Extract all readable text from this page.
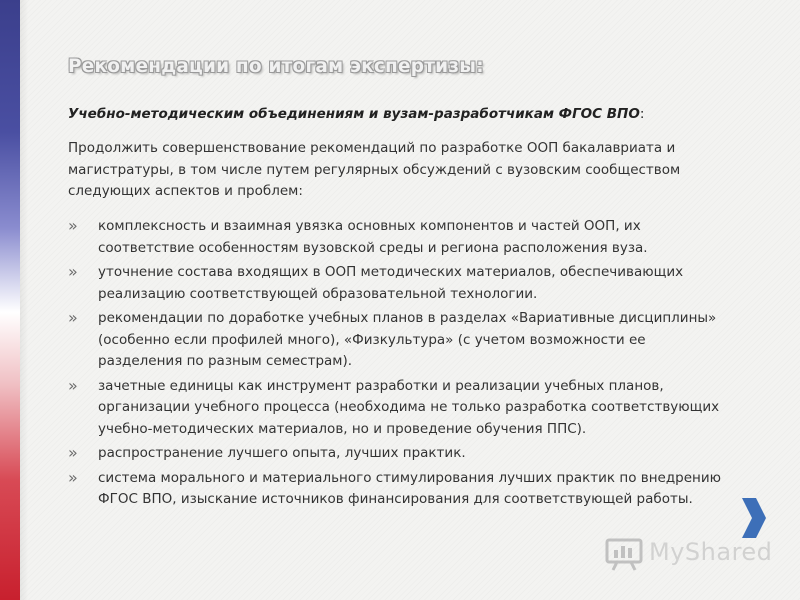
Рекомендации по итогам экспертизы:

Учебно-методическим объединениям и вузам-разработчикам ФГОС ВПО:

Продолжить совершенствование рекомендаций по разработке ООП бакалавриата и магистратуры, в том числе путем регулярных обсуждений с вузовским сообществом следующих аспектов и проблем:

» комплексность и взаимная увязка основных компонентов и частей ООП, их соответствие особенностям вузовской среды и региона расположения вуза.
» уточнение состава входящих в ООП методических материалов, обеспечивающих реализацию соответствующей образовательной технологии.
» рекомендации по доработке учебных планов в разделах «Вариативные дисциплины» (особенно если профилей много), «Физкультура» (с учетом возможности ее разделения по разным семестрам).
» зачетные единицы как инструмент разработки и реализации учебных планов, организации учебного процесса (необходима не только разработка соответствующих учебно-методических материалов, но и проведение обучения ППС).
» распространение лучшего опыта, лучших практик.
» система морального и материального стимулирования лучших практик по внедрению ФГОС ВПО, изыскание источников финансирования для соответствующей работы.
MyShared
